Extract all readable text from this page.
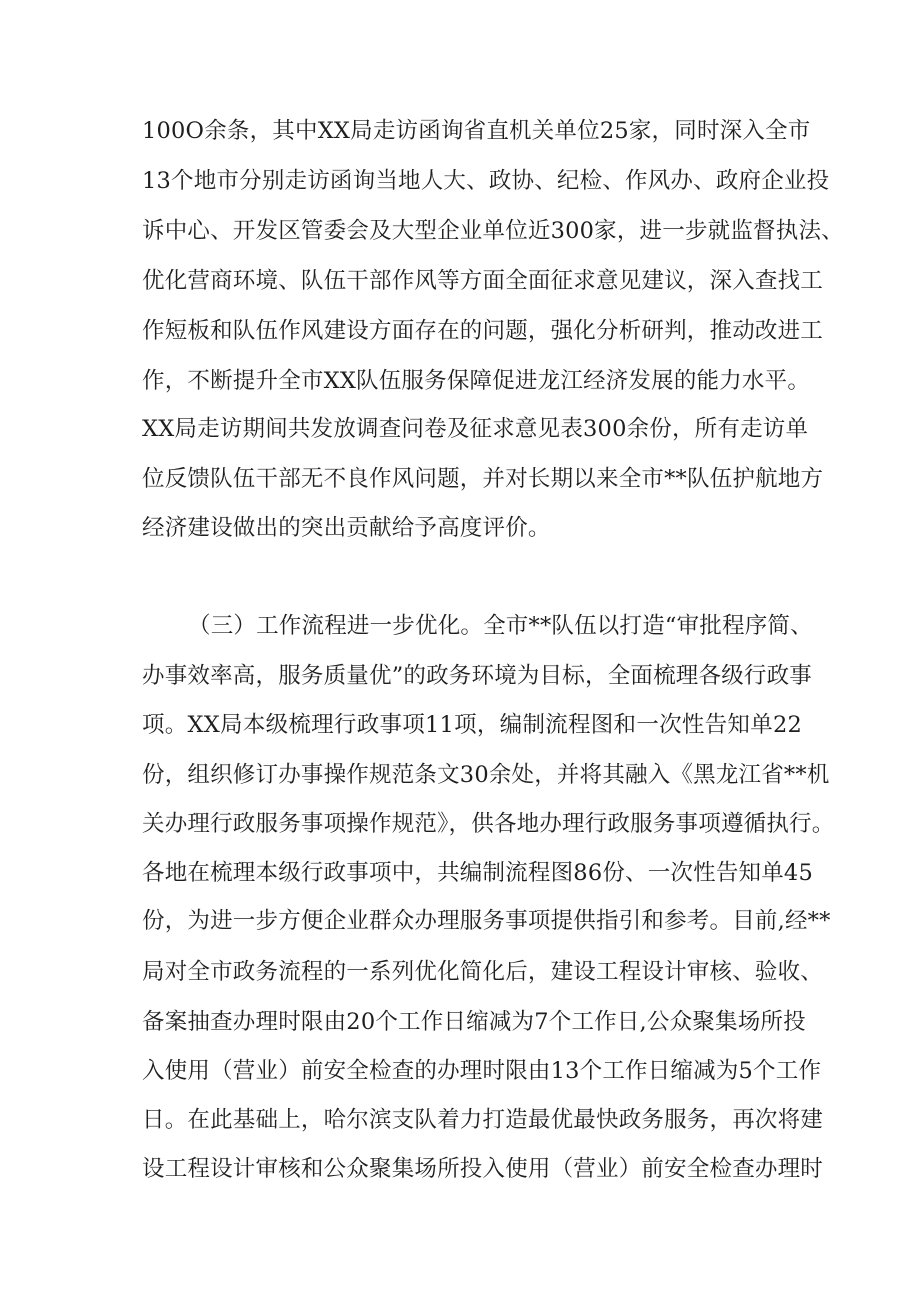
100O余条，其中XX局走访函询省直机关单位25家，同时深入全市
13个地市分别走访函询当地人大、政协、纪检、作风办、政府企业投
诉中心、开发区管委会及大型企业单位近300家，进一步就监督执法、
优化营商环境、队伍干部作风等方面全面征求意见建议，深入查找工
作短板和队伍作风建设方面存在的问题，强化分析研判，推动改进工
作，不断提升全市XX队伍服务保障促进龙江经济发展的能力水平。
XX局走访期间共发放调查问卷及征求意见表300余份，所有走访单
位反馈队伍干部无不良作风问题，并对长期以来全市**队伍护航地方
经济建设做出的突出贡献给予高度评价。
（三）工作流程进一步优化。全市**队伍以打造“审批程序简、
办事效率高，服务质量优”的政务环境为目标，全面梳理各级行政事
项。XX局本级梳理行政事项11项，编制流程图和一次性告知单22
份，组织修订办事操作规范条文30余处，并将其融入《黑龙江省**机
关办理行政服务事项操作规范》，供各地办理行政服务事项遵循执行。
各地在梳理本级行政事项中，共编制流程图86份、一次性告知单45
份，为进一步方便企业群众办理服务事项提供指引和参考。目前,经**
局对全市政务流程的一系列优化简化后，建设工程设计审核、验收、
备案抽查办理时限由20个工作日缩减为7个工作日,公众聚集场所投
入使用（营业）前安全检查的办理时限由13个工作日缩减为5个工作
日。在此基础上，哈尔滨支队着力打造最优最快政务服务，再次将建
设工程设计审核和公众聚集场所投入使用（营业）前安全检查办理时
